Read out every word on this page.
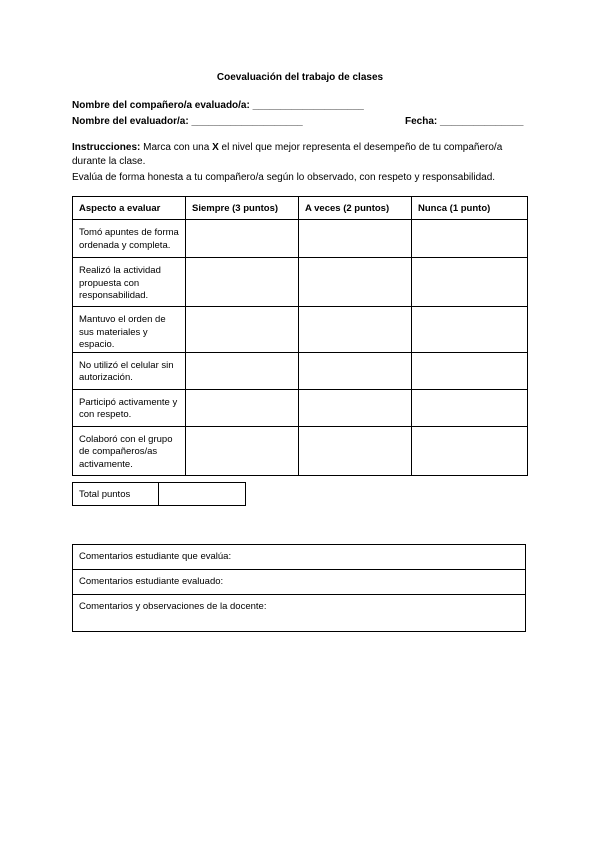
Coevaluación del trabajo de clases
Nombre del compañero/a evaluado/a: ____________________
Nombre del evaluador/a: ____________________	Fecha: _______________
Instrucciones: Marca con una X el nivel que mejor representa el desempeño de tu compañero/a durante la clase.
Evalúa de forma honesta a tu compañero/a según lo observado, con respeto y responsabilidad.
Aspecto a evaluar	Siempre (3 puntos)	A veces (2 puntos)	Nunca (1 punto)
Tomó apuntes de forma ordenada y completa.			
Realizó la actividad propuesta con responsabilidad.			
Mantuvo el orden de sus materiales y espacio.			
No utilizó el celular sin autorización.			
Participó activamente y con respeto.			
Colaboró con el grupo de compañeros/as activamente.			
Total puntos	
Comentarios estudiante que evalúa:
Comentarios estudiante evaluado:
Comentarios y observaciones de la docente:
